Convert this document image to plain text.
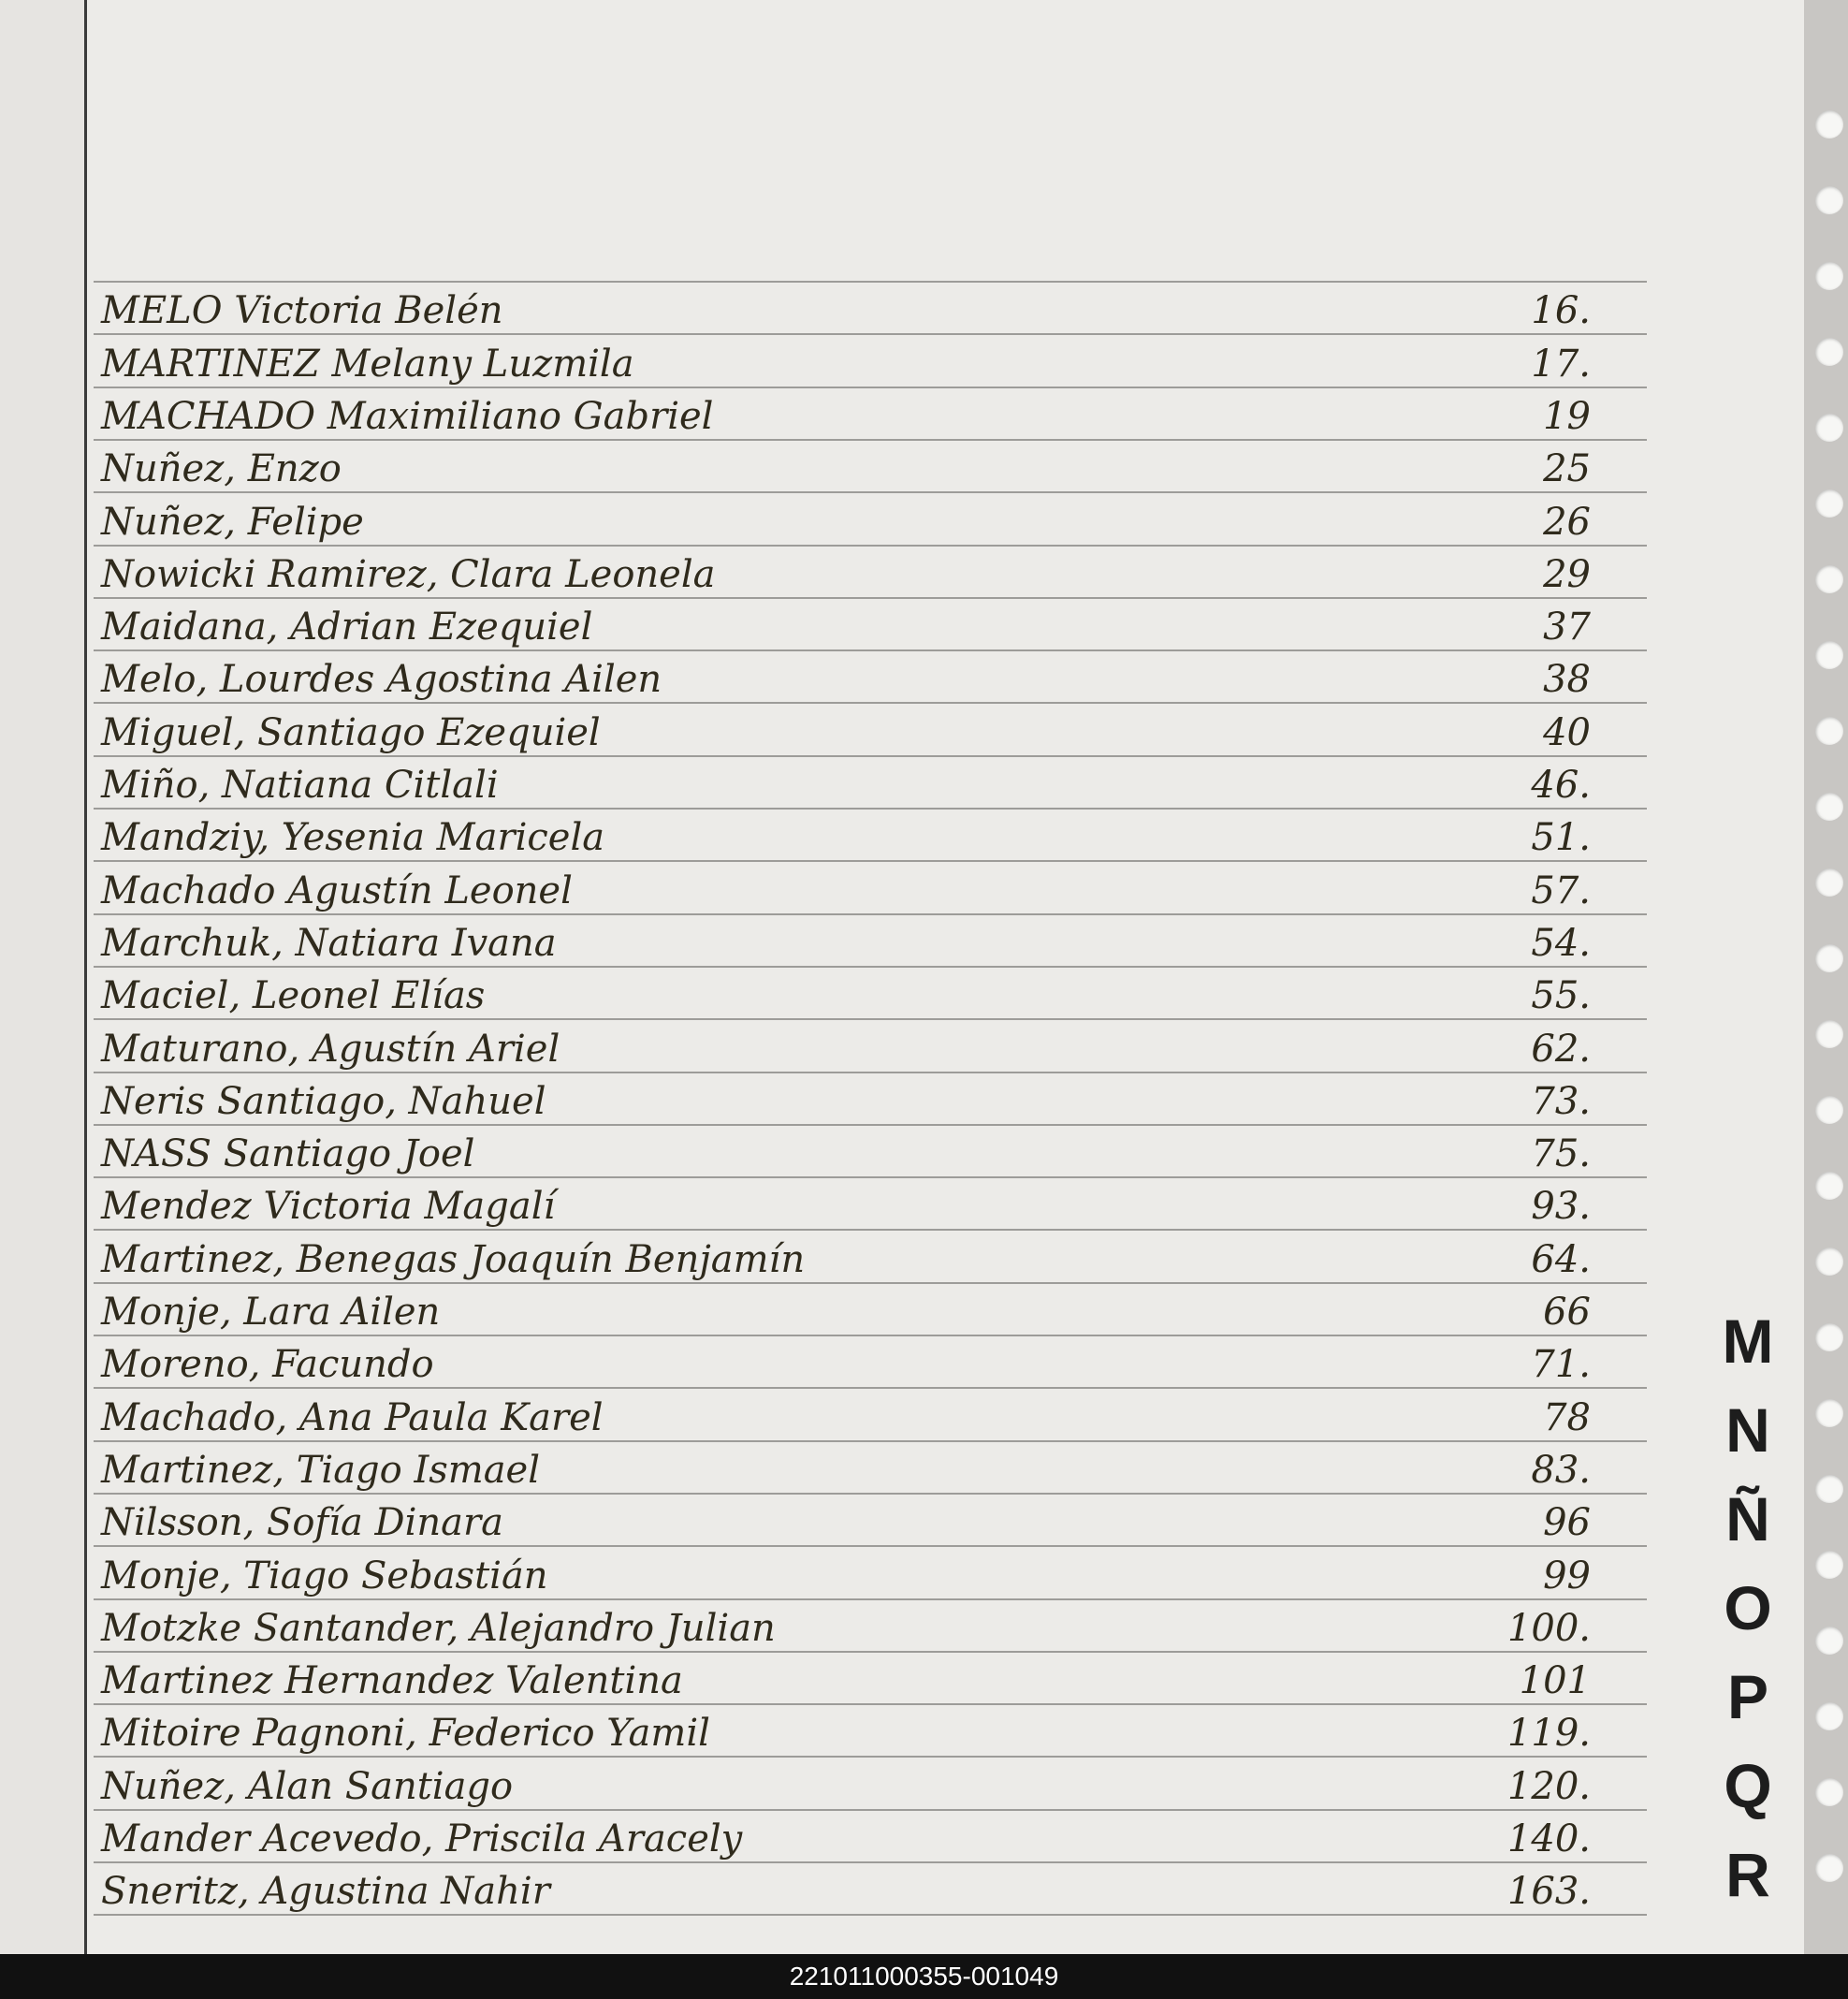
MELO Victoria Belén	16.
MARTINEZ Melany Luzmila	17.
MACHADO Maximiliano Gabriel	19
Nuñez, Enzo	25
Nuñez, Felipe	26
Nowicki Ramirez, Clara Leonela	29
Maidana, Adrian Ezequiel	37
Melo, Lourdes Agostina Ailen	38
Miguel, Santiago Ezequiel	40
Miño, Natiana Citlali	46.
Mandziy, Yesenia Maricela	51.
Machado Agustín Leonel	57.
Marchuk, Natiara Ivana	54.
Maciel, Leonel Elías	55.
Maturano, Agustín Ariel	62.
Neris Santiago, Nahuel	73.
NASS Santiago Joel	75.
Mendez Victoria Magalí	93.
Martinez, Benegas Joaquín Benjamín	64.
Monje, Lara Ailen	66
Moreno, Facundo	71.
Machado, Ana Paula Karel	78
Martinez, Tiago Ismael	83.
Nilsson, Sofía Dinara	96
Monje, Tiago Sebastián	99
Motzke Santander, Alejandro Julian	100.
Martinez Hernandez Valentina	101
Mitoire Pagnoni, Federico Yamil	119.
Nuñez, Alan Santiago	120.
Mander Acevedo, Priscila Aracely	140.
Sneritz, Agustina Nahir	163.
M
N
Ñ
O
P
Q
R
221011000355-001049
